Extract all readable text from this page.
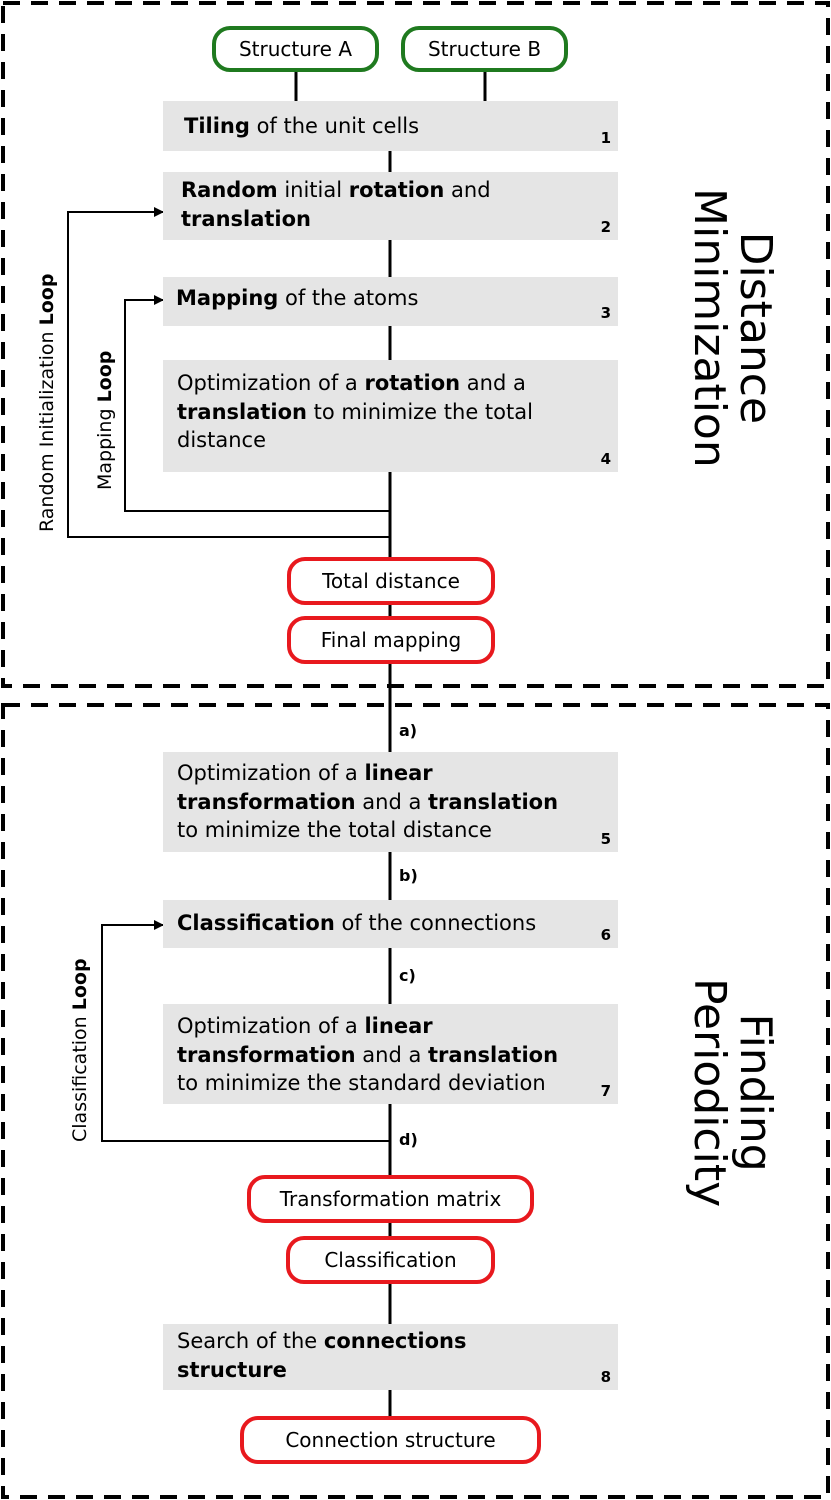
Structure A	Structure B
Tiling of the unit cells	1
Random initial rotation and
translation	2
Mapping of the atoms
3
Optimization of a rotation and a
translation to minimize the total
distance
4
Random Initialization Loop
Mapping Loop	Distance
Minimization
Total distance
Final mapping
a)
b)
c)
d)
Optimization of a linear
transformation and a translation
to minimize the total distance	5
Classification of the connections	6
Optimization of a linear
transformation and a translation
to minimize the standard deviation	7
Classification Loop
Finding
Periodicity
Transformation matrix
Classification
Search of the connections
structure	8
Connection structure
